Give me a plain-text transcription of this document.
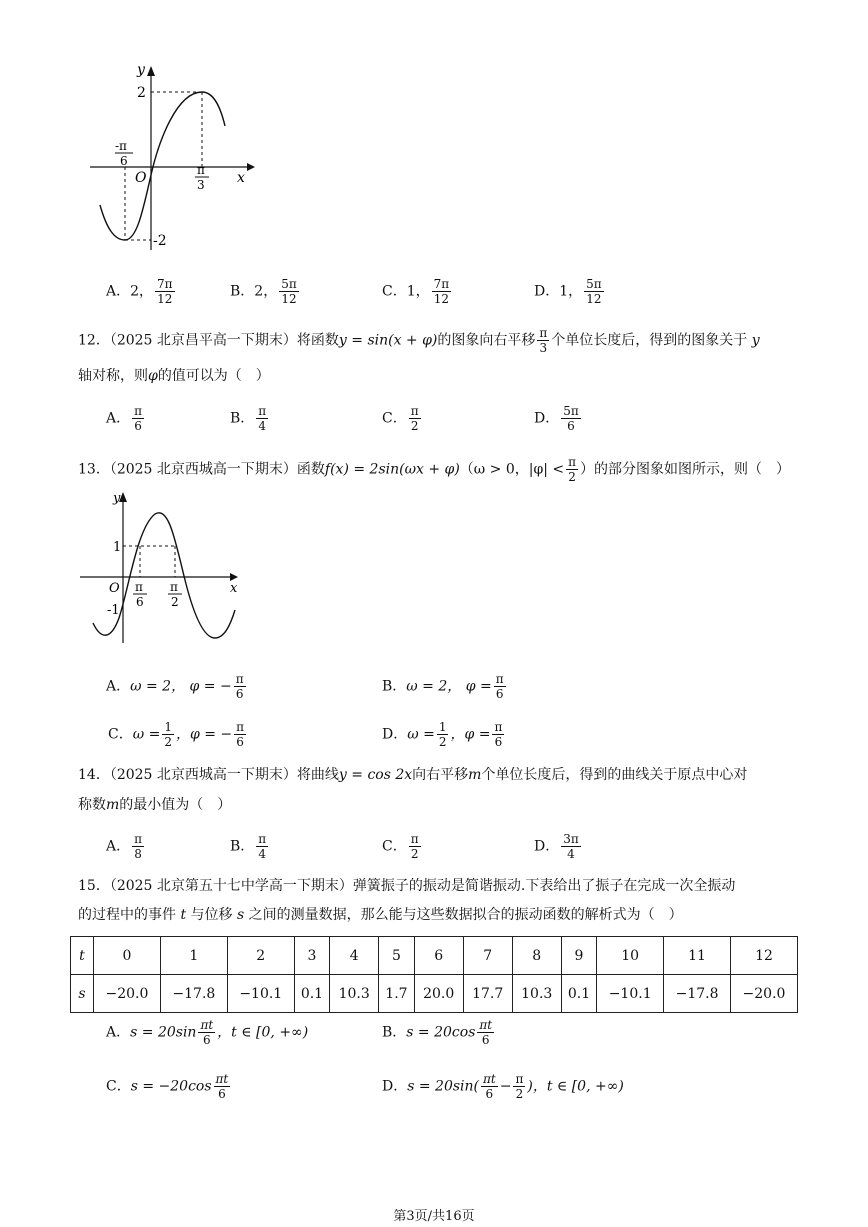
y
x
O
2
-2
-π
6
π
3
A．2， $\frac{7\pi}{12}$	B．2， $\frac{5\pi}{12}$	C．1， $\frac{7\pi}{12}$	D．1， $\frac{5\pi}{12}$
12．（2025 北京昌平高一下期末）将函数y = sin(x + φ)的图象向右平移 $\frac{\pi}{3}$ 个单位长度后，得到的图象关于 y
轴对称，则φ的值可以为（　）
A． $\frac{\pi}{6}$	B． $\frac{\pi}{4}$	C． $\frac{\pi}{2}$	D． $\frac{5\pi}{6}$
13．（2025 北京西城高一下期末）函数f(x) = 2sin(ωx + φ)（ω > 0，$|\varphi| < \frac{\pi}{2}$ ）的部分图象如图所示，则（　）
y
x
O
1
-1
π
6
π
2
A．ω = 2， φ = − $\frac{\pi}{6}$	B．ω = 2， $\varphi = \frac{\pi}{6}$
C．$\omega = \frac{1}{2}$ ，φ = − $\frac{\pi}{6}$	D．$\omega = \frac{1}{2}$ ，$\varphi = \frac{\pi}{6}$
14．（2025 北京西城高一下期末）将曲线y = cos 2x向右平移m个单位长度后，得到的曲线关于原点中心对
称数m的最小值为（　）
A． $\frac{\pi}{8}$	B． $\frac{\pi}{4}$	C． $\frac{\pi}{2}$	D． $\frac{3\pi}{4}$
15．（2025 北京第五十七中学高一下期末）弹簧振子的振动是简谐振动.下表给出了振子在完成一次全振动
的过程中的事件 t 与位移 s 之间的测量数据，那么能与这些数据拟合的振动函数的解析式为（　）
t	0	1	2	3	4	5	6	7	8	9	10	11	12
s	−20.0	−17.8	−10.1	0.1	10.3	1.7	20.0	17.7	10.3	0.1	−10.1	−17.8	−20.0
A．$s = 20\sin \frac{\pi t}{6}$ ，t ∈ [0, +∞)	B．$s = 20\cos \frac{\pi t}{6}$
C．$s = -20\cos \frac{\pi t}{6}$	D．$s = 20\sin( \frac{\pi t}{6} - \frac{\pi}{2}$ )，t ∈ [0, +∞)
第3页/共16页
